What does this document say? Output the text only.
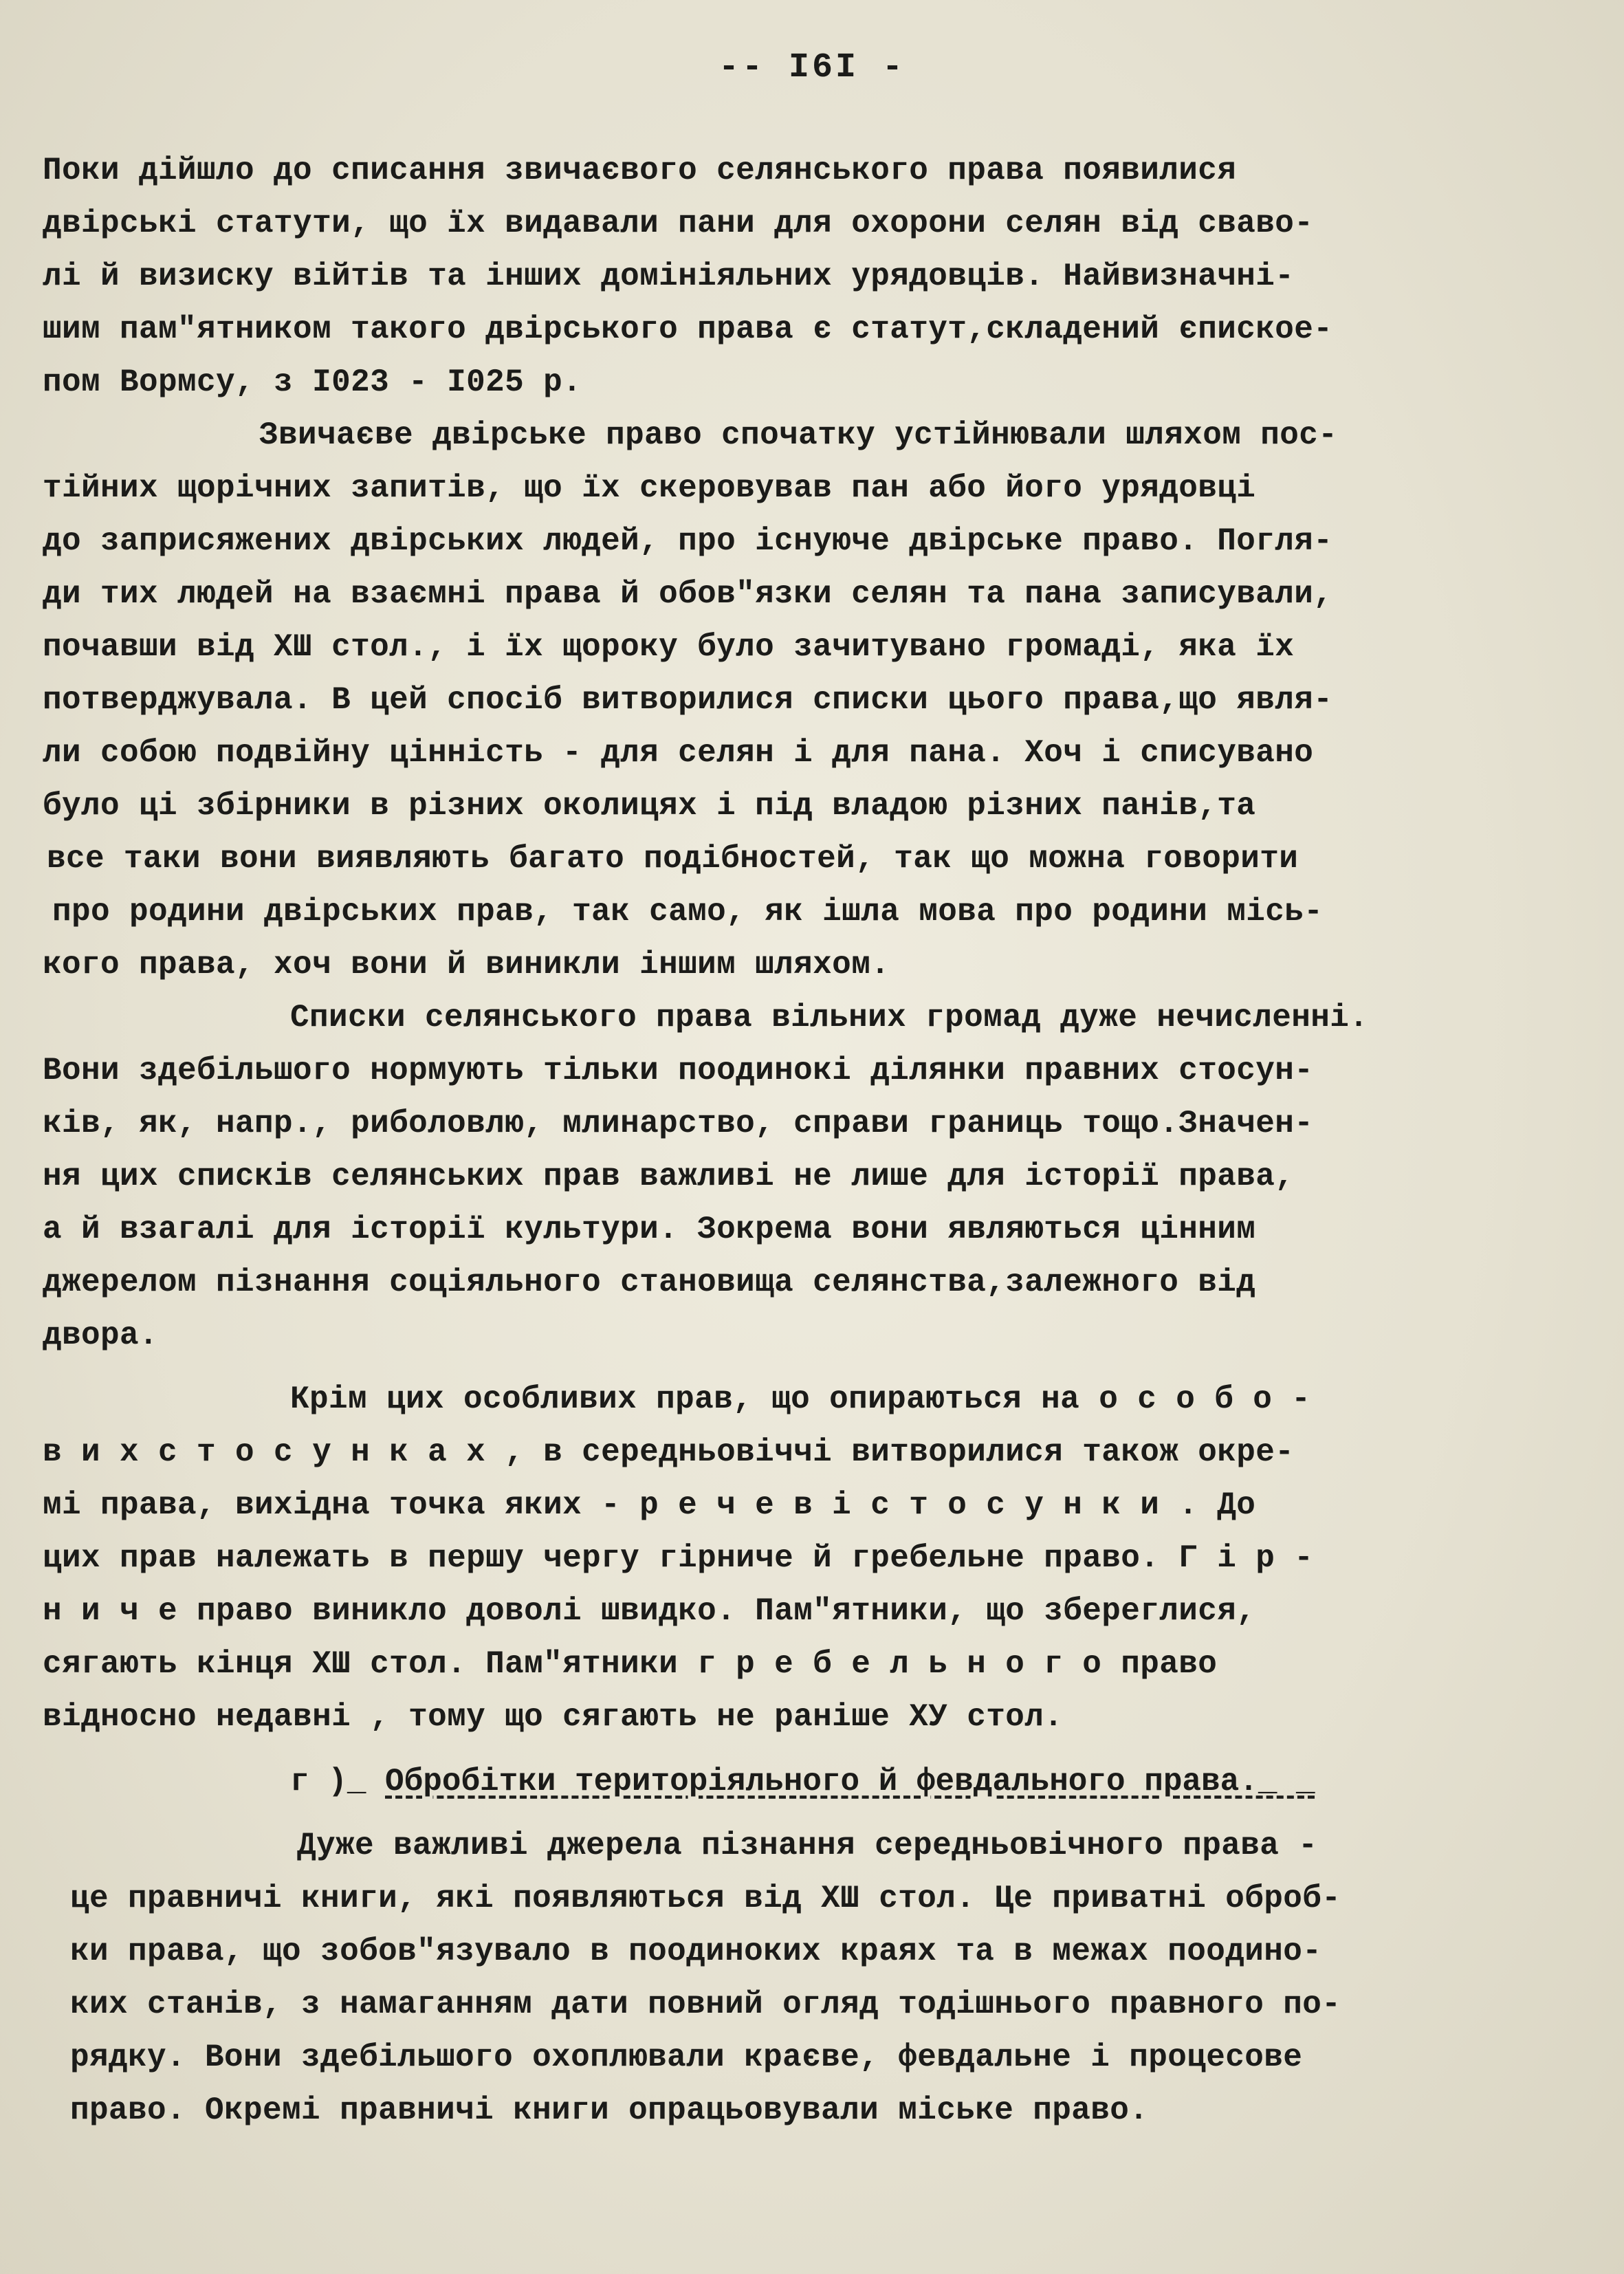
-- I6I -
Поки дійшло до списання звичаєвого селянського права появилися
двірські статути, що їх видавали пани для охорони селян від сваво-
лі й визиску війтів та інших домініяльних урядовців. Найвизначні-
шим пам"ятником такого двірського права є статут,складений єпиское-
пом Вормсу, з I023 - I025 р.
Звичаєве двірське право спочатку устійнювали шляхом пос-
тійних щорічних запитів, що їх скеровував пан або його урядовці
до заприсяжених двірських людей, про існуюче двірське право. Погля-
ди тих людей на взаємні права й обов"язки селян та пана записували,
почавши від ХШ стол., і їх щороку було зачитувано громаді, яка їх
потверджувала. В цей спосіб витворилися списки цього права,що явля-
ли собою подвійну цінність - для селян і для пана. Хоч і списувано
було ці збірники в різних околицях і під владою різних панів,та
все таки вони виявляють багато подібностей, так що можна говорити
про родини двірських прав, так само, як ішла мова про родини місь-
кого права, хоч вони й виникли іншим шляхом.
Списки селянського права вільних громад дуже нечисленні.
Вони здебільшого нормують тільки поодинокі ділянки правних стосун-
ків, як, напр., риболовлю, млинарство, справи границь тощо.Значен-
ня цих списків селянських прав важливі не лише для історії права,
а й взагалі для історії культури. Зокрема вони являються цінним
джерелом пізнання соціяльного становища селянства,залежного від
двора.
Крім цих особливих прав, що опираються на о с о б о -
в и х с т о с у н к а х , в середньовіччі витворилися також окре-
мі права, вихідна точка яких - р е ч е в і с т о с у н к и . До
цих прав належать в першу чергу гірниче й гребельне право. Г і р -
н и ч е право виникло доволі швидко. Пам"ятники, що збереглися,
сягають кінця ХШ стол. Пам"ятники г р е б е л ь н о г о право
відносно недавні , тому що сягають не раніше ХУ стол.
г )_ Обробітки територіяльного й февдального права._ _
Дуже важливі джерела пізнання середньовічного права -
це правничі книги, які появляються від ХШ стол. Це приватні оброб-
ки права, що зобов"язувало в поодиноких краях та в межах поодино-
ких станів, з намаганням дати повний огляд тодішнього правного по-
рядку. Вони здебільшого охоплювали краєве, февдальне і процесове
право. Окремі правничі книги опрацьовували міське право.
